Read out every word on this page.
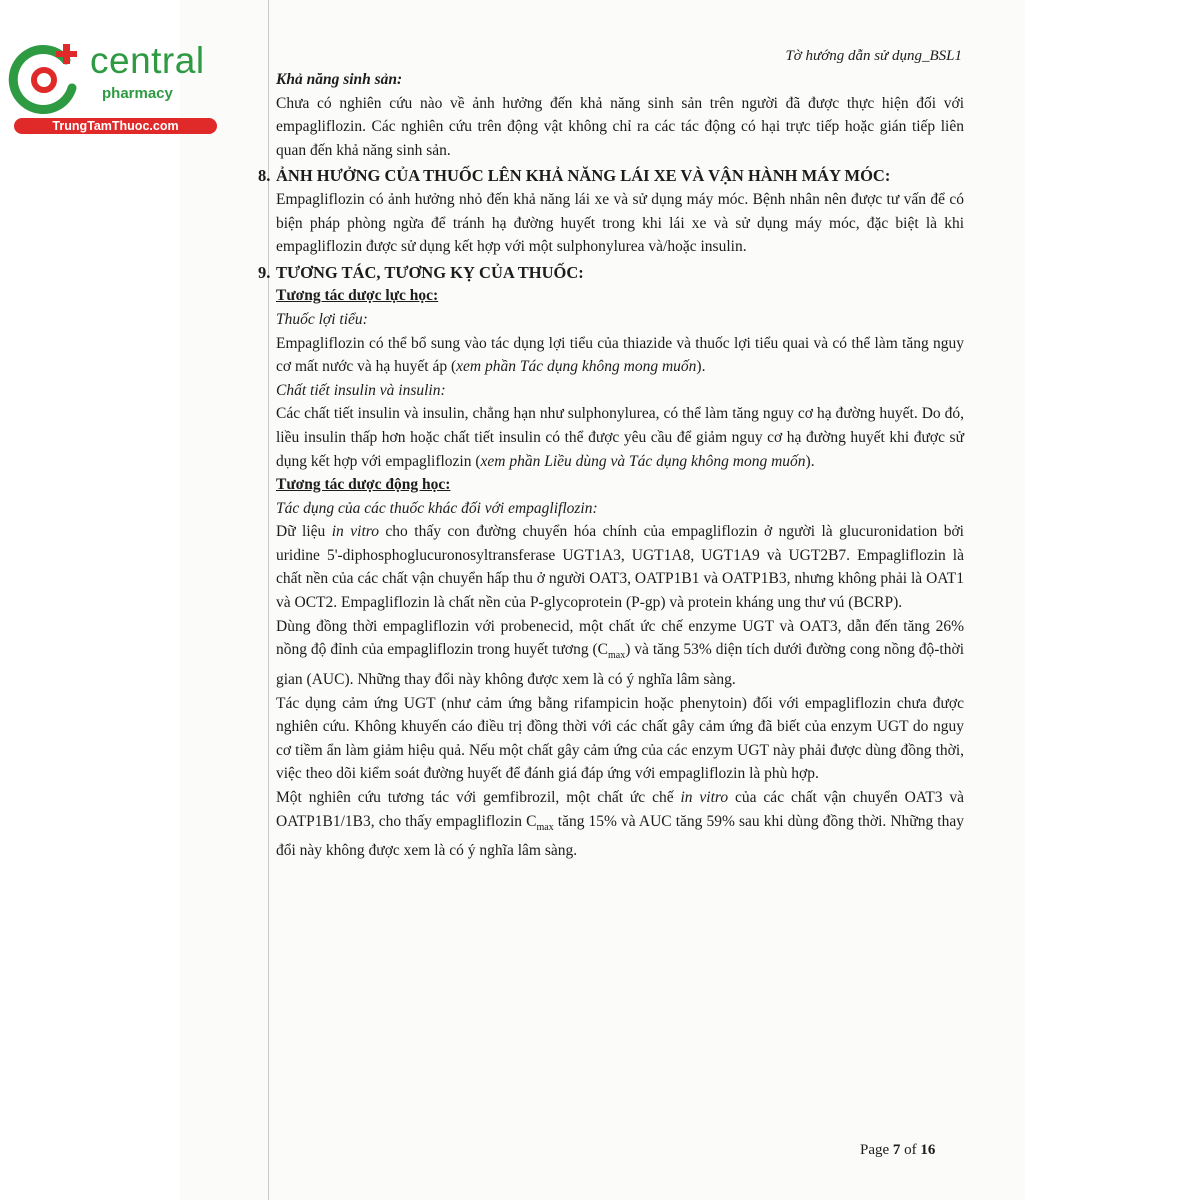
central
pharmacy
TrungTamThuoc.com
Tờ hướng dẫn sử dụng_BSL1

Khả năng sinh sản:

Chưa có nghiên cứu nào về ảnh hưởng đến khả năng sinh sản trên người đã được thực hiện đối với empagliflozin. Các nghiên cứu trên động vật không chỉ ra các tác động có hại trực tiếp hoặc gián tiếp liên quan đến khả năng sinh sản.

8. ẢNH HƯỞNG CỦA THUỐC LÊN KHẢ NĂNG LÁI XE VÀ VẬN HÀNH MÁY MÓC:

Empagliflozin có ảnh hưởng nhỏ đến khả năng lái xe và sử dụng máy móc. Bệnh nhân nên được tư vấn để có biện pháp phòng ngừa để tránh hạ đường huyết trong khi lái xe và sử dụng máy móc, đặc biệt là khi empagliflozin được sử dụng kết hợp với một sulphonylurea và/hoặc insulin.

9. TƯƠNG TÁC, TƯƠNG KỴ CỦA THUỐC:

Tương tác dược lực học:

Thuốc lợi tiểu:

Empagliflozin có thể bổ sung vào tác dụng lợi tiểu của thiazide và thuốc lợi tiểu quai và có thể làm tăng nguy cơ mất nước và hạ huyết áp (xem phần Tác dụng không mong muốn).

Chất tiết insulin và insulin:

Các chất tiết insulin và insulin, chẳng hạn như sulphonylurea, có thể làm tăng nguy cơ hạ đường huyết. Do đó, liều insulin thấp hơn hoặc chất tiết insulin có thể được yêu cầu để giảm nguy cơ hạ đường huyết khi được sử dụng kết hợp với empagliflozin (xem phần Liều dùng và Tác dụng không mong muốn).

Tương tác dược động học:

Tác dụng của các thuốc khác đối với empagliflozin:

Dữ liệu in vitro cho thấy con đường chuyển hóa chính của empagliflozin ở người là glucuronidation bởi uridine 5'-diphosphoglucuronosyltransferase UGT1A3, UGT1A8, UGT1A9 và UGT2B7. Empagliflozin là chất nền của các chất vận chuyển hấp thu ở người OAT3, OATP1B1 và OATP1B3, nhưng không phải là OAT1 và OCT2. Empagliflozin là chất nền của P-glycoprotein (P-gp) và protein kháng ung thư vú (BCRP).

Dùng đồng thời empagliflozin với probenecid, một chất ức chế enzyme UGT và OAT3, dẫn đến tăng 26% nồng độ đỉnh của empagliflozin trong huyết tương $(C_{max})$ và tăng 53% diện tích dưới đường cong nồng độ-thời gian (AUC). Những thay đổi này không được xem là có ý nghĩa lâm sàng.

Tác dụng cảm ứng UGT (như cảm ứng bằng rifampicin hoặc phenytoin) đối với empagliflozin chưa được nghiên cứu. Không khuyến cáo điều trị đồng thời với các chất gây cảm ứng đã biết của enzym UGT do nguy cơ tiềm ẩn làm giảm hiệu quả. Nếu một chất gây cảm ứng của các enzym UGT này phải được dùng đồng thời, việc theo dõi kiểm soát đường huyết để đánh giá đáp ứng với empagliflozin là phù hợp.

Một nghiên cứu tương tác với gemfibrozil, một chất ức chế in vitro của các chất vận chuyển OAT3 và OATP1B1/1B3, cho thấy empagliflozin $C_{max}$ tăng 15% và AUC tăng 59% sau khi dùng đồng thời. Những thay đổi này không được xem là có ý nghĩa lâm sàng.

Page 7 of 16
